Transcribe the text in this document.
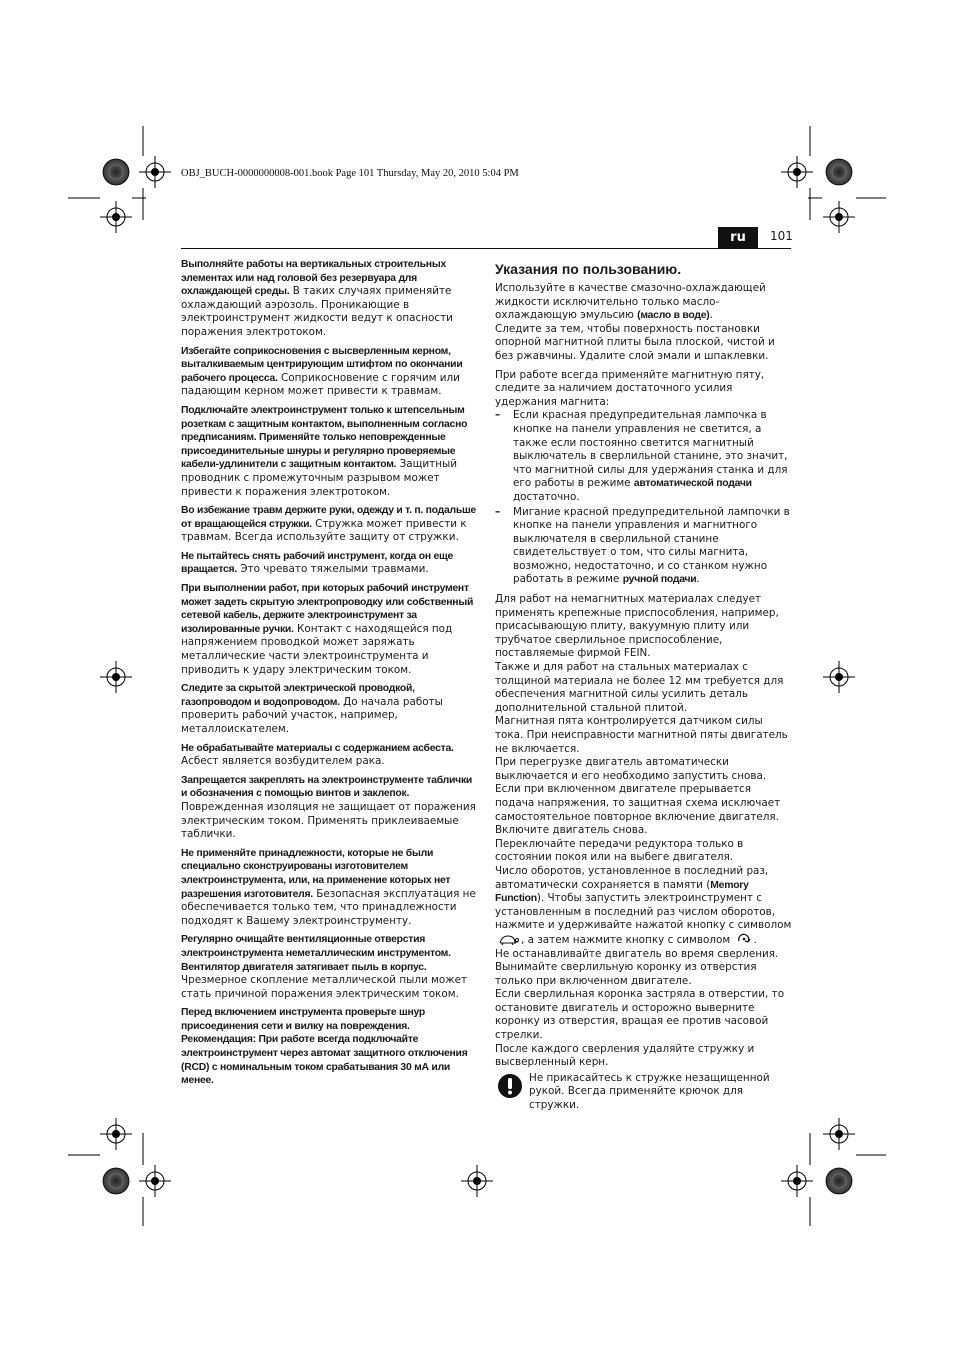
OBJ_BUCH-0000000008-001.book Page 101 Thursday, May 20, 2010 5:04 PM
ru	101

Выполняйте работы на вертикальных строительных элементах или над головой без резервуара для охлаждающей среды. В таких случаях применяйте охлаждающий аэрозоль. Проникающие в электроинструмент жидкости ведут к опасности поражения электротоком.

Избегайте соприкосновения с высверленным керном, выталкиваемым центрирующим штифтом по окончании рабочего процесса. Соприкосновение с горячим или падающим керном может привести к травмам.

Подключайте электроинструмент только к штепсельным розеткам с защитным контактом, выполненным согласно предписаниям. Применяйте только неповрежденные присоединительные шнуры и регулярно проверяемые кабели-удлинители с защитным контактом. Защитный проводник с промежуточным разрывом может привести к поражения электротоком.

Во избежание травм держите руки, одежду и т. п. подальше от вращающейся стружки. Стружка может привести к травмам. Всегда используйте защиту от стружки.

Не пытайтесь снять рабочий инструмент, когда он еще вращается. Это чревато тяжелыми травмами.

При выполнении работ, при которых рабочий инструмент может задеть скрытую электропроводку или собственный сетевой кабель, держите электроинструмент за изолированные ручки. Контакт с находящейся под напряжением проводкой может заряжать металлические части электроинструмента и приводить к удару электрическим током.

Следите за скрытой электрической проводкой, газопроводом и водопроводом. До начала работы проверить рабочий участок, например, металлоискателем.

Не обрабатывайте материалы с содержанием асбеста. Асбест является возбудителем рака.

Запрещается закреплять на электроинструменте таблички и обозначения с помощью винтов и заклепок. Поврежденная изоляция не защищает от поражения электрическим током. Применять приклеиваемые таблички.

Не применяйте принадлежности, которые не были специально сконструированы изготовителем электроинструмента, или, на применение которых нет разрешения изготовителя. Безопасная эксплуатация не обеспечивается только тем, что принадлежности подходят к Вашему электроинструменту.

Регулярно очищайте вентиляционные отверстия электроинструмента неметаллическим инструментом. Вентилятор двигателя затягивает пыль в корпус. Чрезмерное скопление металлической пыли может стать причиной поражения электрическим током.

Перед включением инструмента проверьте шнур присоединения сети и вилку на повреждения.

Рекомендация: При работе всегда подключайте электроинструмент через автомат защитного отключения (RCD) с номинальным током срабатывания 30 мА или менее.

Указания по пользованию.

Используйте в качестве смазочно-охлаждающей жидкости исключительно только масло-охлаждающую эмульсию (масло в воде).

Следите за тем, чтобы поверхность постановки опорной магнитной плиты была плоской, чистой и без ржавчины. Удалите слой эмали и шпаклевки.

При работе всегда применяйте магнитную пяту, следите за наличием достаточного усилия удержания магнита:

– Если красная предупредительная лампочка в кнопке на панели управления не светится, а также если постоянно светится магнитный выключатель в сверлильной станине, это значит, что магнитной силы для удержания станка и для его работы в режиме автоматической подачи достаточно.
– Мигание красной предупредительной лампочки в кнопке на панели управления и магнитного выключателя в сверлильной станине свидетельствует о том, что силы магнита, возможно, недостаточно, и со станком нужно работать в режиме ручной подачи.

Для работ на немагнитных материалах следует применять крепежные приспособления, например, присасывающую плиту, вакуумную плиту или трубчатое сверлильное приспособление, поставляемые фирмой FEIN.

Также и для работ на стальных материалах с толщиной материала не более 12 мм требуется для обеспечения магнитной силы усилить деталь дополнительной стальной плитой.

Магнитная пята контролируется датчиком силы тока. При неисправности магнитной пяты двигатель не включается.

При перегрузке двигатель автоматически выключается и его необходимо запустить снова.

Если при включенном двигателе прерывается подача напряжения, то защитная схема исключает самостоятельное повторное включение двигателя. Включите двигатель снова.

Переключайте передачи редуктора только в состоянии покоя или на выбеге двигателя.

Число оборотов, установленное в последний раз, автоматически сохраняется в памяти (Memory Function). Чтобы запустить электроинструмент с установленным в последний раз числом оборотов, нажмите и удерживайте нажатой кнопку с символом , а затем нажмите кнопку с символом .

Не останавливайте двигатель во время сверления.

Вынимайте сверлильную коронку из отверстия только при включенном двигателе.

Если сверлильная коронка застряла в отверстии, то остановите двигатель и осторожно выверните коронку из отверстия, вращая ее против часовой стрелки.

После каждого сверления удаляйте стружку и высверленный керн.

Не прикасайтесь к стружке незащищенной рукой. Всегда применяйте крючок для стружки.
